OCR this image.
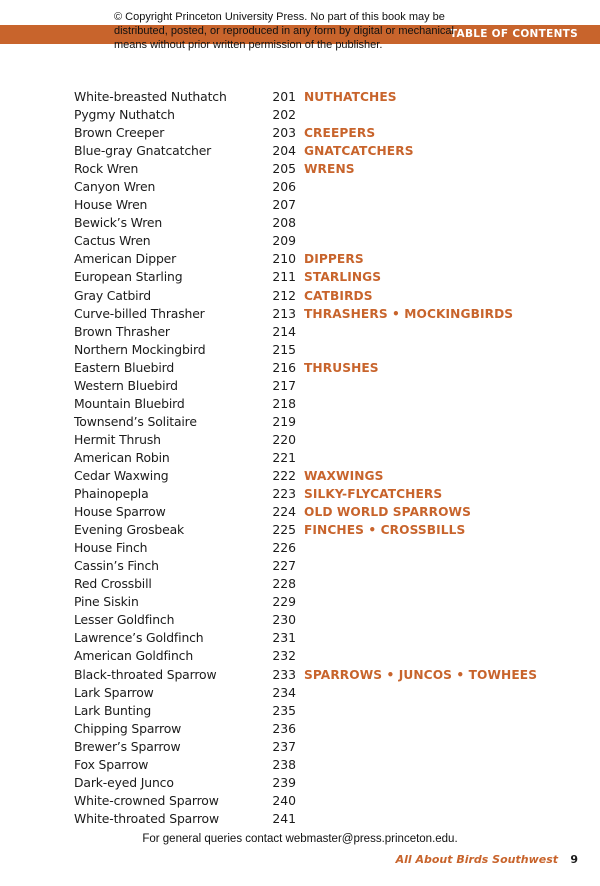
TABLE OF CONTENTS
© Copyright Princeton University Press. No part of this book may be distributed, posted, or reproduced in any form by digital or mechanical means without prior written permission of the publisher.
White-breasted Nuthatch	201 NUTHATCHES
Pygmy Nuthatch	202
Brown Creeper	203 CREEPERS
Blue-gray Gnatcatcher	204 GNATCATCHERS
Rock Wren	205 WRENS
Canyon Wren	206
House Wren	207
Bewick’s Wren	208
Cactus Wren	209
American Dipper	210 DIPPERS
European Starling	211 STARLINGS
Gray Catbird	212 CATBIRDS
Curve-billed Thrasher	213 THRASHERS • MOCKINGBIRDS
Brown Thrasher	214
Northern Mockingbird	215
Eastern Bluebird	216 THRUSHES
Western Bluebird	217
Mountain Bluebird	218
Townsend’s Solitaire	219
Hermit Thrush	220
American Robin	221
Cedar Waxwing	222 WAXWINGS
Phainopepla	223 SILKY-FLYCATCHERS
House Sparrow	224 OLD WORLD SPARROWS
Evening Grosbeak	225 FINCHES • CROSSBILLS
House Finch	226
Cassin’s Finch	227
Red Crossbill	228
Pine Siskin	229
Lesser Goldfinch	230
Lawrence’s Goldfinch	231
American Goldfinch	232
Black-throated Sparrow	233 SPARROWS • JUNCOS • TOWHEES
Lark Sparrow	234
Lark Bunting	235
Chipping Sparrow	236
Brewer’s Sparrow	237
Fox Sparrow	238
Dark-eyed Junco	239
White-crowned Sparrow	240
White-throated Sparrow	241
For general queries contact webmaster@press.princeton.edu.
All About Birds Southwest 9
